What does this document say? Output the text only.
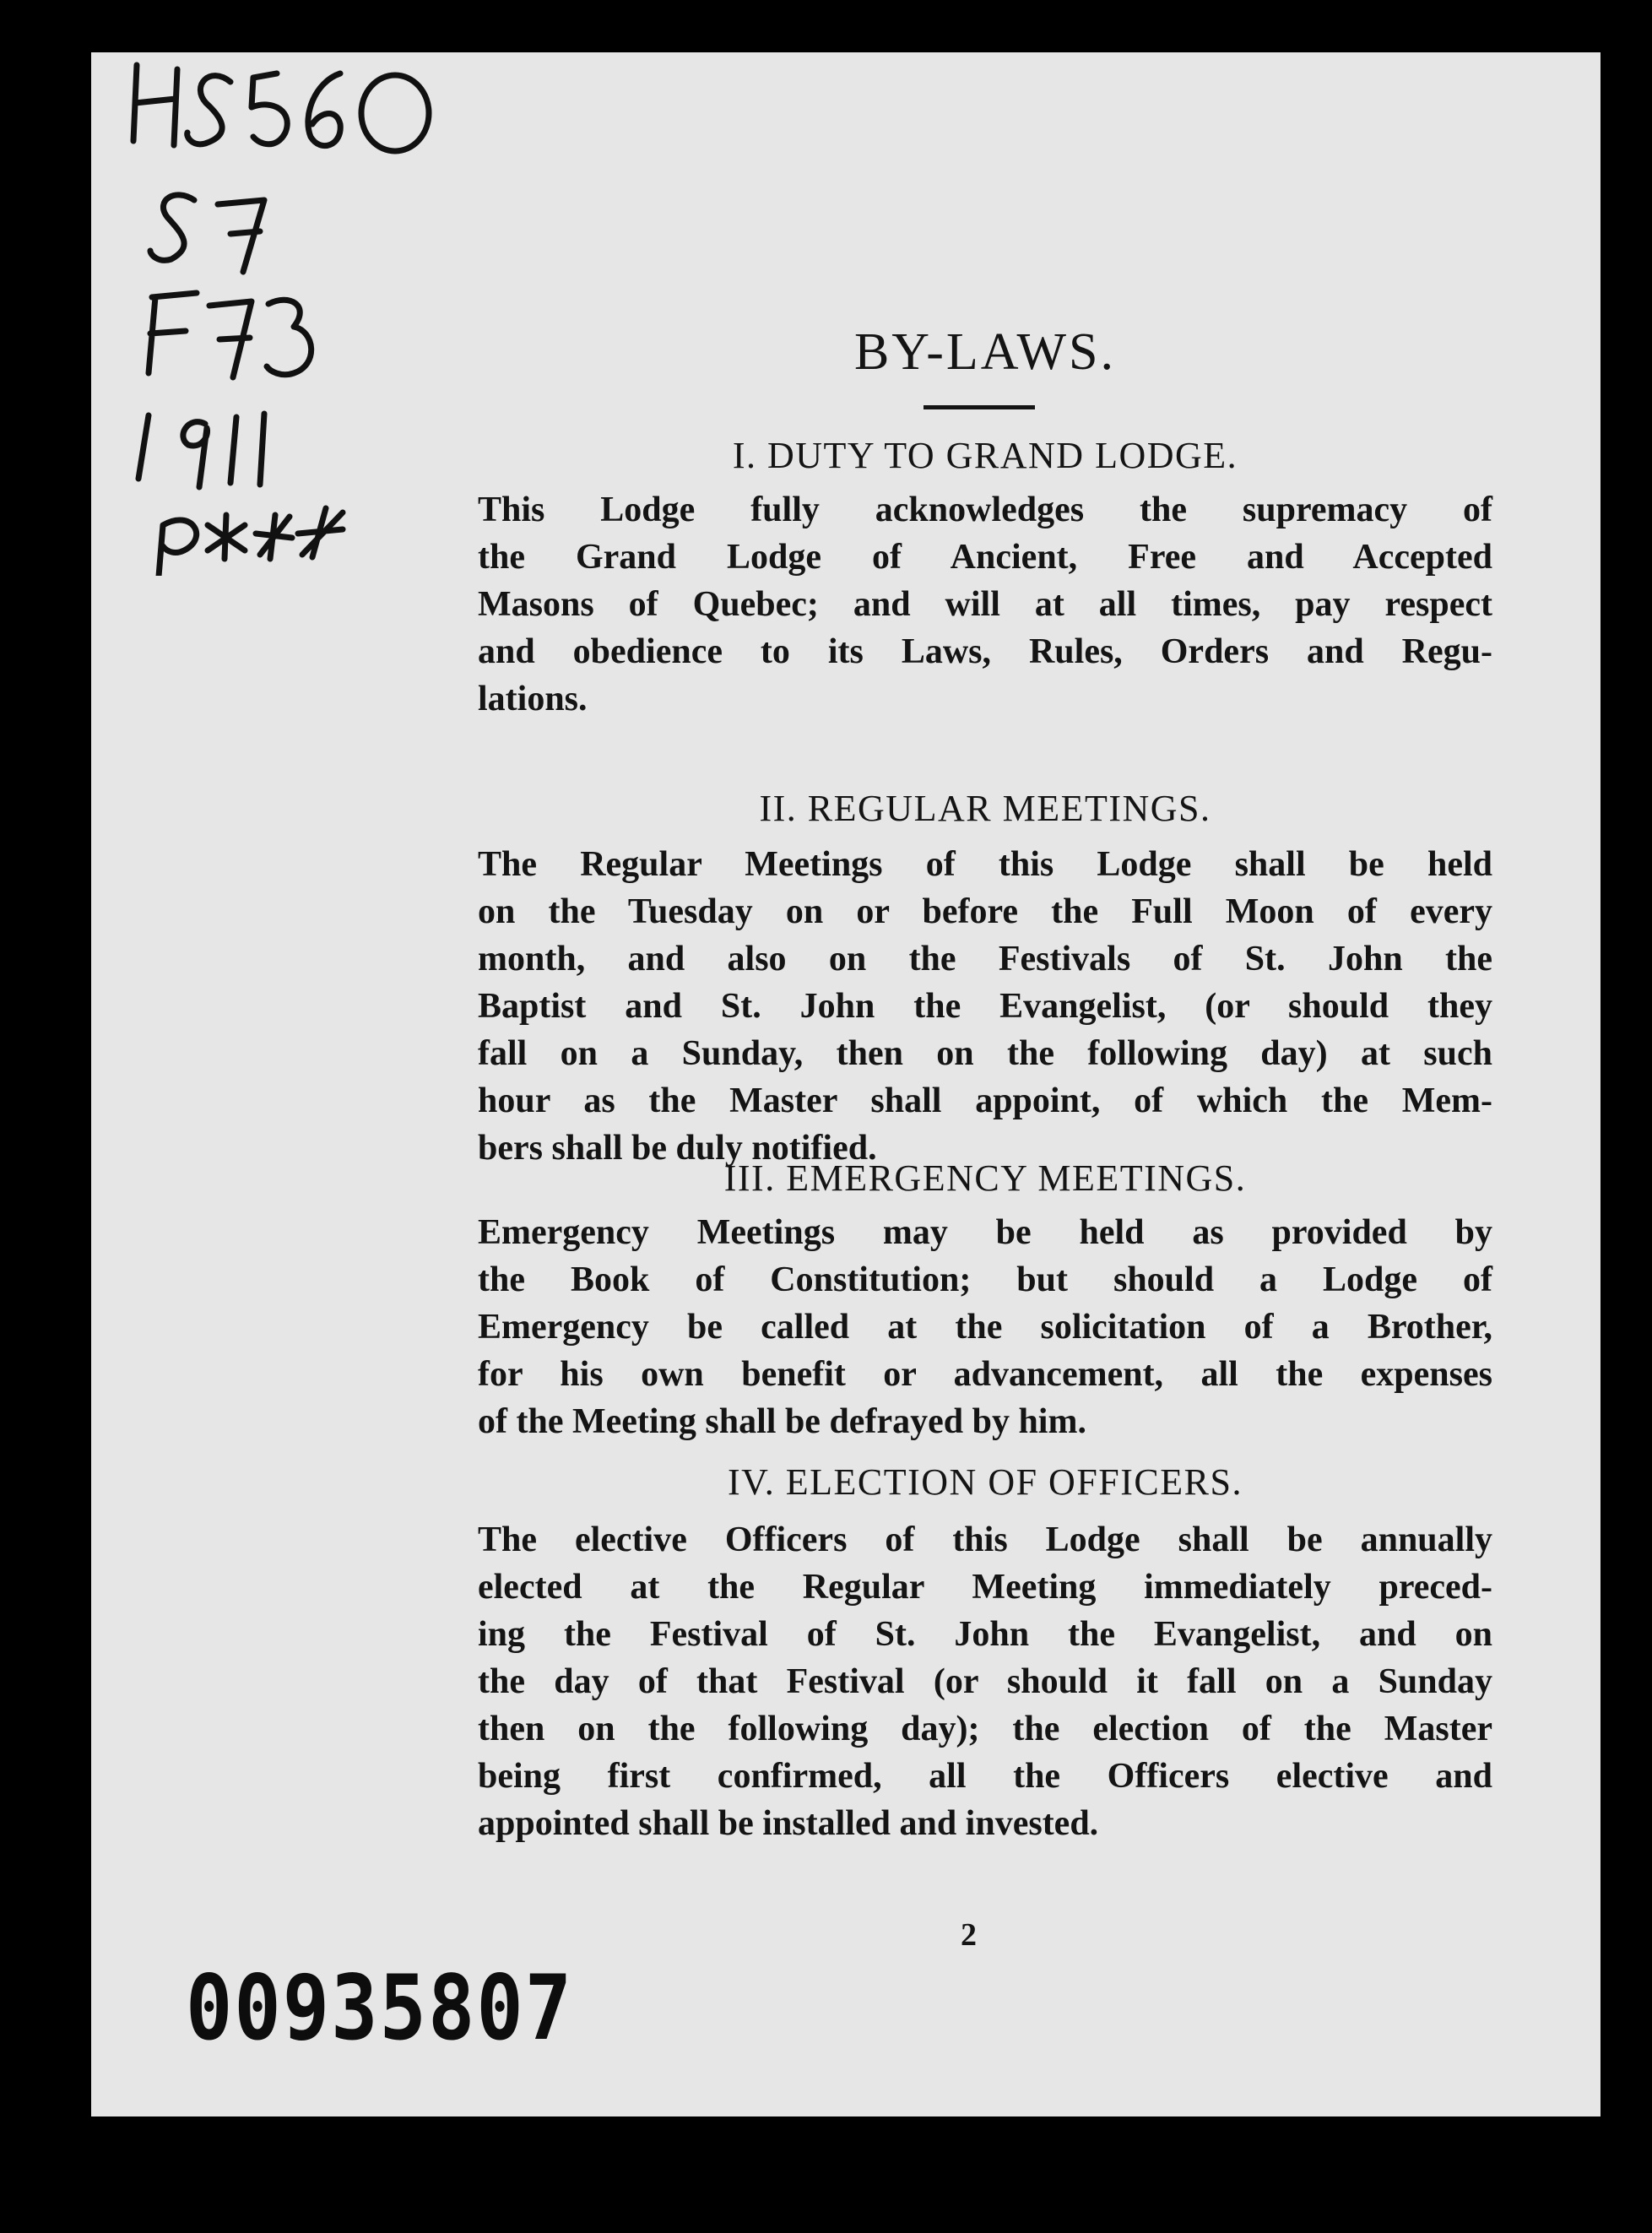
BY-LAWS.
I. DUTY TO GRAND LODGE.
This Lodge fully acknowledges the supremacy of
the Grand Lodge of Ancient, Free and Accepted
Masons of Quebec; and will at all times, pay respect
and obedience to its Laws, Rules, Orders and Regu-
lations.
II. REGULAR MEETINGS.
The Regular Meetings of this Lodge shall be held
on the Tuesday on or before the Full Moon of every
month, and also on the Festivals of St. John the
Baptist and St. John the Evangelist, (or should they
fall on a Sunday, then on the following day) at such
hour as the Master shall appoint, of which the Mem-
bers shall be duly notified.
III. EMERGENCY MEETINGS.
Emergency Meetings may be held as provided by
the Book of Constitution; but should a Lodge of
Emergency be called at the solicitation of a Brother,
for his own benefit or advancement, all the expenses
of the Meeting shall be defrayed by him.
IV. ELECTION OF OFFICERS.
The elective Officers of this Lodge shall be annually
elected at the Regular Meeting immediately preced-
ing the Festival of St. John the Evangelist, and on
the day of that Festival (or should it fall on a Sunday
then on the following day); the election of the Master
being first confirmed, all the Officers elective and
appointed shall be installed and invested.
2
00935807
